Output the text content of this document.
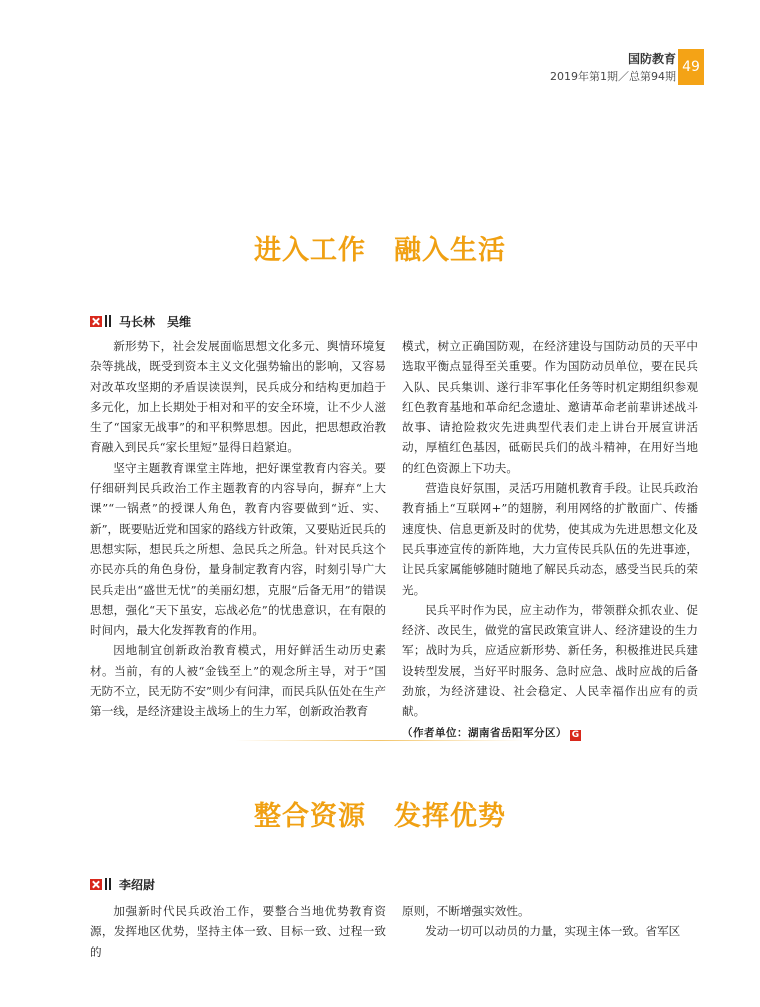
国防教育
2019年第1期／总第94期
49
进入工作　融入生活
马长林　吴维

新形势下，社会发展面临思想文化多元、舆情环境复杂等挑战，既受到资本主义文化强势输出的影响，又容易对改革攻坚期的矛盾误读误判，民兵成分和结构更加趋于多元化，加上长期处于相对和平的安全环境，让不少人滋生了“国家无战事”的和平积弊思想。因此，把思想政治教育融入到民兵“家长里短”显得日趋紧迫。

坚守主题教育课堂主阵地，把好课堂教育内容关。要仔细研判民兵政治工作主题教育的内容导向，摒弃“上大课”“一锅煮”的授课人角色，教育内容要做到“近、实、新”，既要贴近党和国家的路线方针政策，又要贴近民兵的思想实际，想民兵之所想、急民兵之所急。针对民兵这个亦民亦兵的角色身份，量身制定教育内容，时刻引导广大民兵走出“盛世无忧”的美丽幻想，克服“后备无用”的错误思想，强化“天下虽安，忘战必危”的忧患意识，在有限的时间内，最大化发挥教育的作用。

因地制宜创新政治教育模式，用好鲜活生动历史素材。当前，有的人被“金钱至上”的观念所主导，对于“国无防不立，民无防不安”则少有问津，而民兵队伍处在生产第一线，是经济建设主战场上的生力军，创新政治教育

模式，树立正确国防观，在经济建设与国防动员的天平中选取平衡点显得至关重要。作为国防动员单位，要在民兵入队、民兵集训、遂行非军事化任务等时机定期组织参观红色教育基地和革命纪念遗址、邀请革命老前辈讲述战斗故事、请抢险救灾先进典型代表们走上讲台开展宣讲活动，厚植红色基因，砥砺民兵们的战斗精神，在用好当地的红色资源上下功夫。

营造良好氛围，灵活巧用随机教育手段。让民兵政治教育插上“互联网+”的翅膀，利用网络的扩散面广、传播速度快、信息更新及时的优势，使其成为先进思想文化及民兵事迹宣传的新阵地，大力宣传民兵队伍的先进事迹，让民兵家属能够随时随地了解民兵动态，感受当民兵的荣光。

民兵平时作为民，应主动作为，带领群众抓农业、促经济、改民生，做党的富民政策宣讲人、经济建设的生力军；战时为兵，应适应新形势、新任务，积极推进民兵建设转型发展，当好平时服务、急时应急、战时应战的后备劲旅，为经济建设、社会稳定、人民幸福作出应有的贡献。

（作者单位：湖南省岳阳军分区） G

整合资源　发挥优势
李绍尉

加强新时代民兵政治工作，要整合当地优势教育资源，发挥地区优势，坚持主体一致、目标一致、过程一致的

原则，不断增强实效性。

发动一切可以动员的力量，实现主体一致。省军区
